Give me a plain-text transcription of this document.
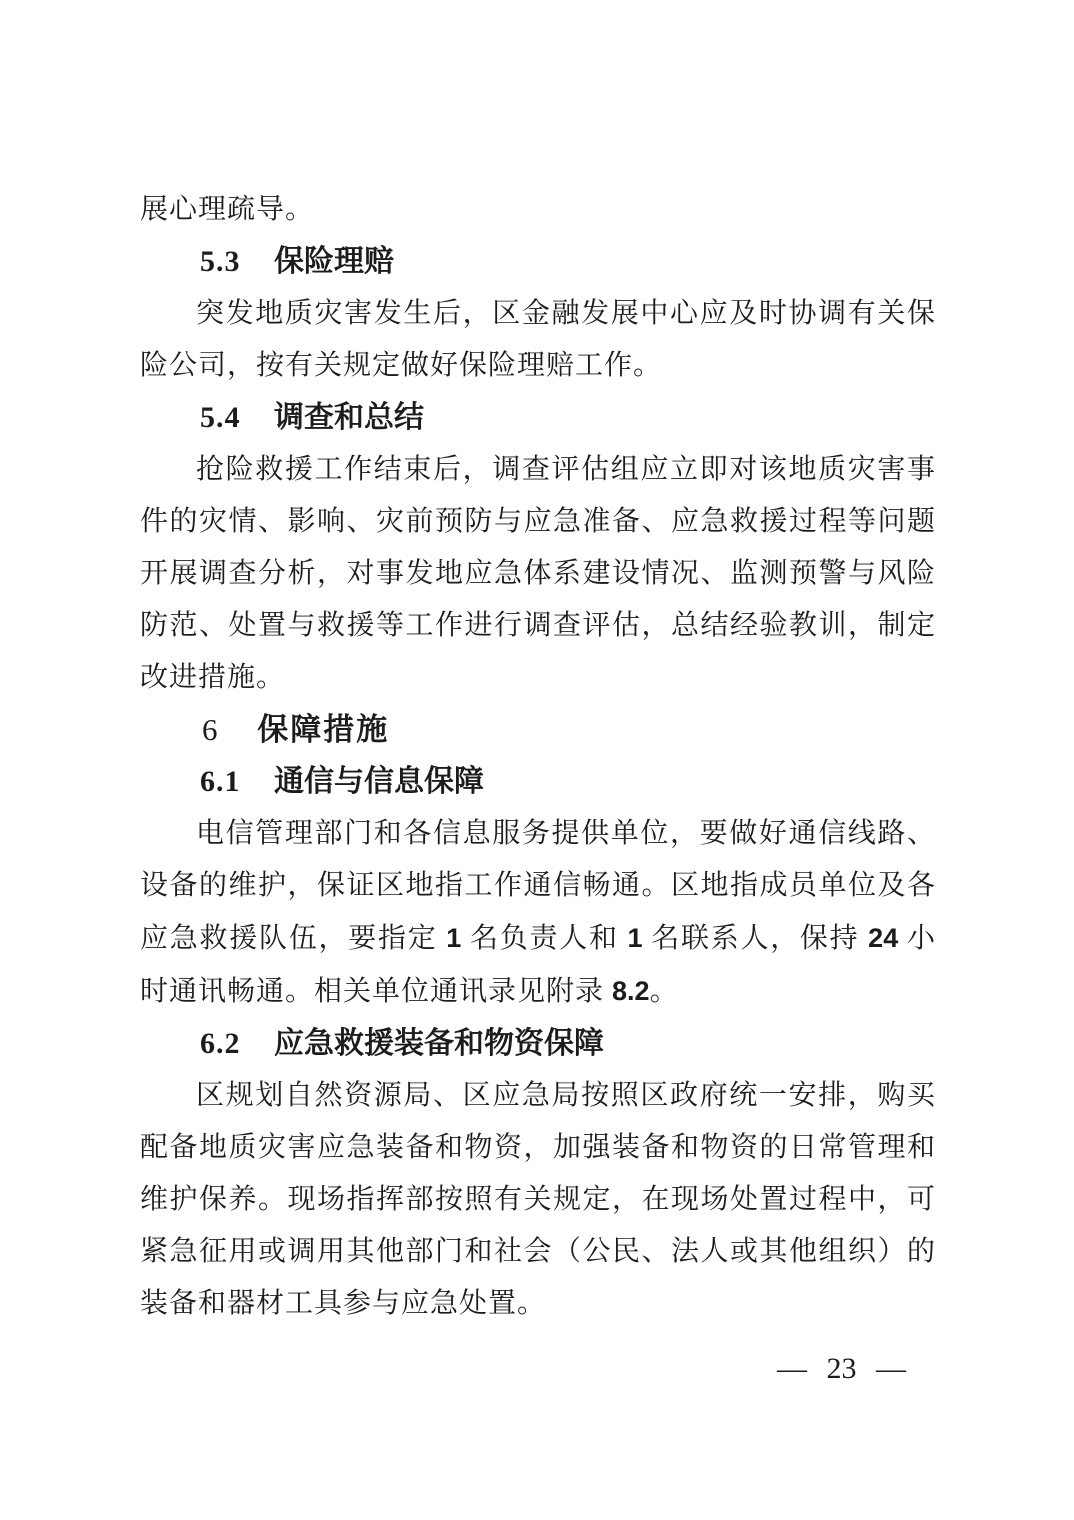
展心理疏导。

5.3 保险理赔

突发地质灾害发生后，区金融发展中心应及时协调有关保险公司，按有关规定做好保险理赔工作。

5.4 调查和总结

抢险救援工作结束后，调查评估组应立即对该地质灾害事件的灾情、影响、灾前预防与应急准备、应急救援过程等问题开展调查分析，对事发地应急体系建设情况、监测预警与风险防范、处置与救援等工作进行调查评估，总结经验教训，制定改进措施。

6 保障措施
6.1 通信与信息保障

电信管理部门和各信息服务提供单位，要做好通信线路、设备的维护，保证区地指工作通信畅通。区地指成员单位及各应急救援队伍，要指定 1 名负责人和 1 名联系人，保持 24 小时通讯畅通。相关单位通讯录见附录 8.2。

6.2 应急救援装备和物资保障

区规划自然资源局、区应急局按照区政府统一安排，购买配备地质灾害应急装备和物资，加强装备和物资的日常管理和维护保养。现场指挥部按照有关规定，在现场处置过程中，可紧急征用或调用其他部门和社会（公民、法人或其他组织）的装备和器材工具参与应急处置。

— 23 —
